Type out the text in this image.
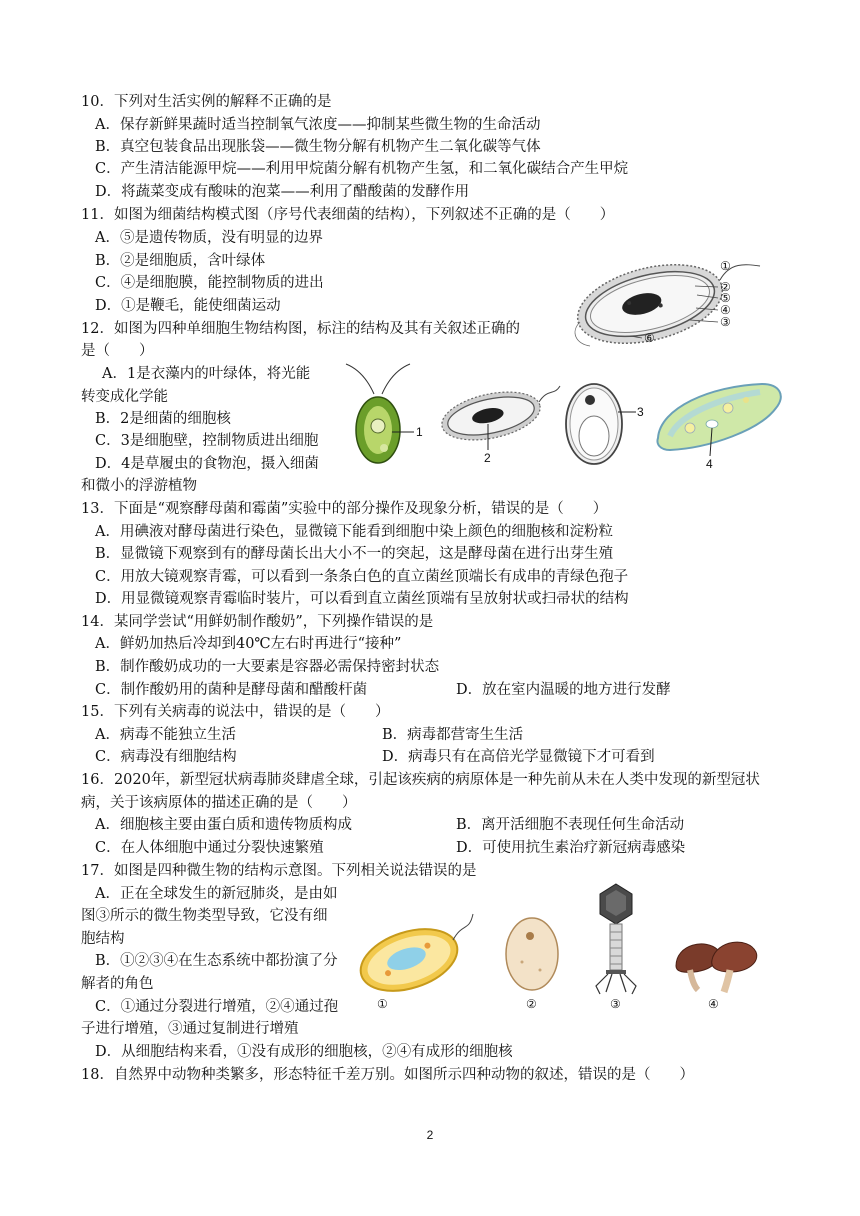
10．下列对生活实例的解释不正确的是
A．保存新鲜果蔬时适当控制氧气浓度——抑制某些微生物的生命活动
B．真空包装食品出现胀袋——微生物分解有机物产生二氧化碳等气体
C．产生清洁能源甲烷——利用甲烷菌分解有机物产生氢，和二氧化碳结合产生甲烷
D．将蔬菜变成有酸味的泡菜——利用了醋酸菌的发酵作用
11．如图为细菌结构模式图（序号代表细菌的结构），下列叙述不正确的是（　　）
A．⑤是遗传物质，没有明显的边界
B．②是细胞质，含叶绿体
C．④是细胞膜，能控制物质的进出
D．①是鞭毛，能使细菌运动
①
②
⑤
④
③
⑥
12．如图为四种单细胞生物结构图，标注的结构及其有关叙述正确的
是（　　）
A．1是衣藻内的叶绿体，将光能
转变成化学能
B．2是细菌的细胞核
C．3是细胞壁，控制物质进出细胞
D．4是草履虫的食物泡，摄入细菌
和微小的浮游植物
1
2
3
4
13．下面是“观察酵母菌和霉菌”实验中的部分操作及现象分析，错误的是（　　）
A．用碘液对酵母菌进行染色，显微镜下能看到细胞中染上颜色的细胞核和淀粉粒
B．显微镜下观察到有的酵母菌长出大小不一的突起，这是酵母菌在进行出芽生殖
C．用放大镜观察青霉，可以看到一条条白色的直立菌丝顶端长有成串的青绿色孢子
D．用显微镜观察青霉临时装片，可以看到直立菌丝顶端有呈放射状或扫帚状的结构
14．某同学尝试“用鲜奶制作酸奶”，下列操作错误的是
A．鲜奶加热后冷却到40℃左右时再进行“接种”
B．制作酸奶成功的一大要素是容器必需保持密封状态
C．制作酸奶用的菌种是酵母菌和醋酸杆菌	D．放在室内温暖的地方进行发酵
15．下列有关病毒的说法中，错误的是（　　）
A．病毒不能独立生活	B．病毒都营寄生生活
C．病毒没有细胞结构	D．病毒只有在高倍光学显微镜下才可看到
16．2020年，新型冠状病毒肺炎肆虐全球，引起该疾病的病原体是一种先前从未在人类中发现的新型冠状
病，关于该病原体的描述正确的是（　　）
A．细胞核主要由蛋白质和遗传物质构成	B．离开活细胞不表现任何生命活动
C．在人体细胞中通过分裂快速繁殖	D．可使用抗生素治疗新冠病毒感染
17．如图是四种微生物的结构示意图。下列相关说法错误的是
A．正在全球发生的新冠肺炎，是由如
图③所示的微生物类型导致，它没有细
胞结构
B．①②③④在生态系统中都扮演了分
解者的角色
C．①通过分裂进行增殖，②④通过孢
子进行增殖，③通过复制进行增殖
D．从细胞结构来看，①没有成形的细胞核，②④有成形的细胞核
①	②	③	④
18．自然界中动物种类繁多，形态特征千差万别。如图所示四种动物的叙述，错误的是（　　）
2
